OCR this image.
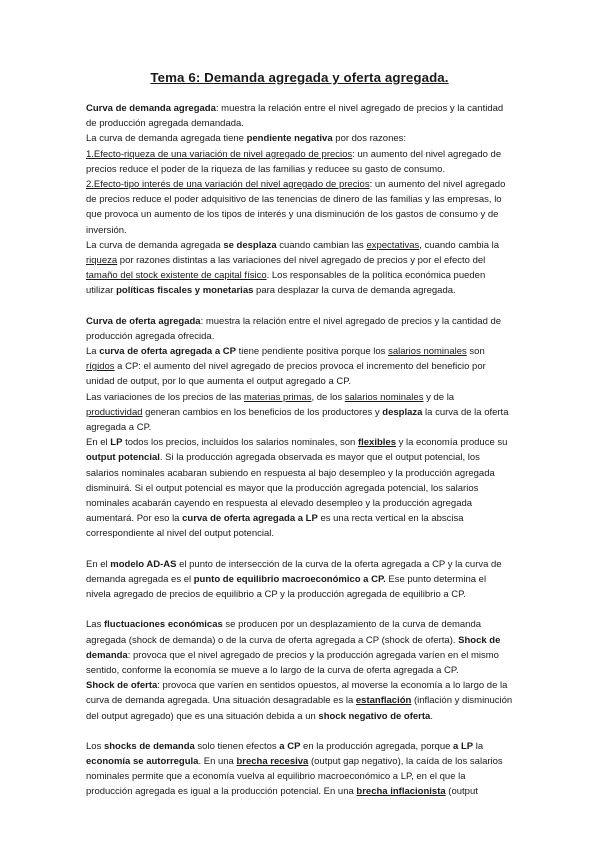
Tema 6: Demanda agregada y oferta agregada.

Curva de demanda agregada: muestra la relación entre el nivel agregado de precios y la cantidad de producción agregada demandada.
La curva de demanda agregada tiene pendiente negativa por dos razones:
1.Efecto-riqueza de una variación de nivel agregado de precios: un aumento del nivel agregado de precios reduce el poder de la riqueza de las familias y reducee su gasto de consumo.
2.Efecto-tipo interés de una variación del nivel agregado de precios: un aumento del nivel agregado de precios reduce el poder adquisitivo de las tenencias de dinero de las familias y las empresas, lo que provoca un aumento de los tipos de interés y una disminución de los gastos de consumo y de inversión.
La curva de demanda agregada se desplaza cuando cambian las expectativas, cuando cambia la riqueza por razones distintas a las variaciones del nivel agregado de precios y por el efecto del tamaño del stock existente de capital físico. Los responsables de la política económica pueden utilizar políticas fiscales y monetarias para desplazar la curva de demanda agregada.

Curva de oferta agregada: muestra la relación entre el nivel agregado de precios y la cantidad de producción agregada ofrecida.
La curva de oferta agregada a CP tiene pendiente positiva porque los salarios nominales son rígidos a CP: el aumento del nivel agregado de precios provoca el incremento del beneficio por unidad de output, por lo que aumenta el output agregado a CP.
Las variaciones de los precios de las materias primas, de los salarios nominales y de la productividad generan cambios en los beneficios de los productores y desplaza la curva de la oferta agregada a CP.
En el LP todos los precios, incluidos los salarios nominales, son flexibles y la economía produce su output potencial. Si la producción agregada observada es mayor que el output potencial, los salarios nominales acabaran subiendo en respuesta al bajo desempleo y la producción agregada disminuirá. Si el output potencial es mayor que la producción agregada potencial, los salarios nominales acabarán cayendo en respuesta al elevado desempleo y la producción agregada aumentará. Por eso la curva de oferta agregada a LP es una recta vertical en la abscisa correspondiente al nivel del output potencial.

En el modelo AD-AS el punto de intersección de la curva de la oferta agregada a CP y la curva de demanda agregada es el punto de equilibrio macroeconómico a CP. Ese punto determina el nivela agregado de precios de equilibrio a CP y la producción agregada de equilibrio a CP.

Las fluctuaciones económicas se producen por un desplazamiento de la curva de demanda agregada (shock de demanda) o de la curva de oferta agregada a CP (shock de oferta). Shock de demanda: provoca que el nivel agregado de precios y la producción agregada varíen en el mismo sentido, conforme la economía se mueve a lo largo de la curva de oferta agregada a CP.
Shock de oferta: provoca que varíen en sentidos opuestos, al moverse la economía a lo largo de la curva de demanda agregada. Una situación desagradable es la estanflación (inflación y disminución del output agregado) que es una situación debida a un shock negativo de oferta.

Los shocks de demanda solo tienen efectos a CP en la producción agregada, porque a LP la economía se autorregula. En una brecha recesiva (output gap negativo), la caída de los salarios nominales permite que a economía vuelva al equilibrio macroeconómico a LP, en el que la producción agregada es igual a la producción potencial. En una brecha inflacionista (output
